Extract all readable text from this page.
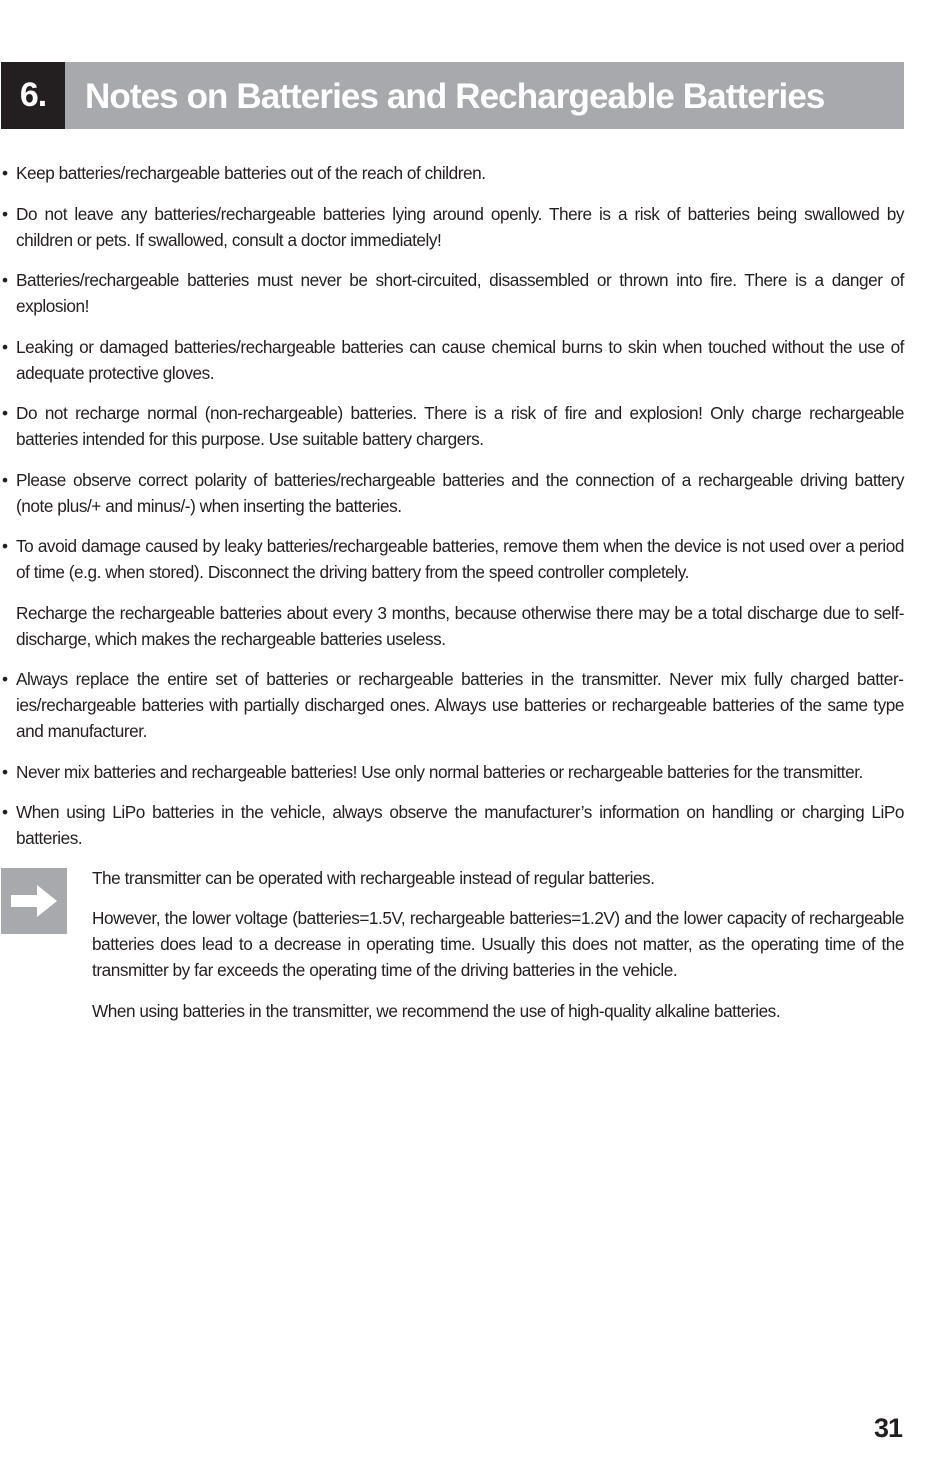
6.	Notes on Batteries and Rechargeable Batteries
• Keep batteries/rechargeable batteries out of the reach of children.
• Do not leave any batteries/rechargeable batteries lying around openly. There is a risk of batteries being swallowed by children or pets. If swallowed, consult a doctor immediately!
• Batteries/rechargeable batteries must never be short-circuited, disassembled or thrown into fire. There is a danger of explosion!
• Leaking or damaged batteries/rechargeable batteries can cause chemical burns to skin when touched without the use of adequate protective gloves.
• Do not recharge normal (non-rechargeable) batteries. There is a risk of fire and explosion! Only charge rechargeable batteries intended for this purpose. Use suitable battery chargers.
• Please observe correct polarity of batteries/rechargeable batteries and the connection of a rechargeable driving battery (note plus/+ and minus/-) when inserting the batteries.
• To avoid damage caused by leaky batteries/rechargeable batteries, remove them when the device is not used over a period of time (e.g. when stored). Disconnect the driving battery from the speed controller completely.
Recharge the rechargeable batteries about every 3 months, because otherwise there may be a total discharge due to self-discharge, which makes the rechargeable batteries useless.
• Always replace the entire set of batteries or rechargeable batteries in the transmitter. Never mix fully charged batteries/rechargeable batteries with partially discharged ones. Always use batteries or rechargeable batteries of the same type and manufacturer.
• Never mix batteries and rechargeable batteries! Use only normal batteries or rechargeable batteries for the transmitter.
• When using LiPo batteries in the vehicle, always observe the manufacturer’s information on handling or charging LiPo batteries.

The transmitter can be operated with rechargeable instead of regular batteries.

However, the lower voltage (batteries=1.5V, rechargeable batteries=1.2V) and the lower capacity of rechargeable batteries does lead to a decrease in operating time. Usually this does not matter, as the operating time of the transmitter by far exceeds the operating time of the driving batteries in the vehicle.

When using batteries in the transmitter, we recommend the use of high-quality alkaline batteries.

31
